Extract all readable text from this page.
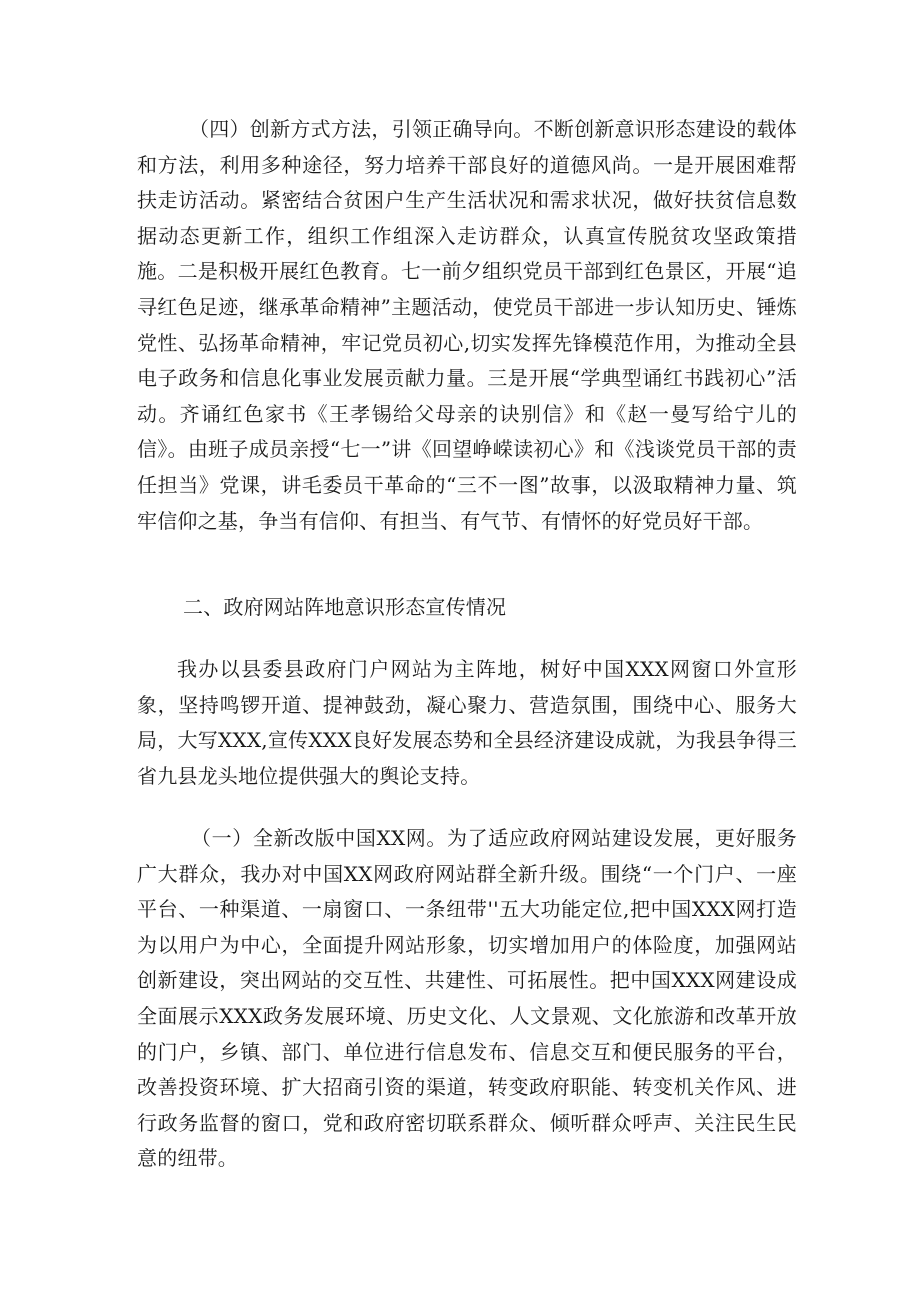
（四）创新方式方法，引领正确导向。不断创新意识形态建设的载体和方法，利用多种途径，努力培养干部良好的道德风尚。一是开展困难帮扶走访活动。紧密结合贫困户生产生活状况和需求状况，做好扶贫信息数据动态更新工作，组织工作组深入走访群众，认真宣传脱贫攻坚政策措施。二是积极开展红色教育。七一前夕组织党员干部到红色景区，开展“追寻红色足迹，继承革命精神”主题活动，使党员干部进一步认知历史、锤炼党性、弘扬革命精神，牢记党员初心,切实发挥先锋模范作用，为推动全县电子政务和信息化事业发展贡献力量。三是开展“学典型诵红书践初心”活动。齐诵红色家书《王孝锡给父母亲的诀别信》和《赵一曼写给宁儿的信》。由班子成员亲授“七一”讲《回望峥嵘读初心》和《浅谈党员干部的责任担当》党课，讲毛委员干革命的“三不一图”故事，以汲取精神力量、筑牢信仰之基，争当有信仰、有担当、有气节、有情怀的好党员好干部。

二、政府网站阵地意识形态宣传情况

我办以县委县政府门户网站为主阵地，树好中国XXX网窗口外宣形象，坚持鸣锣开道、提神鼓劲，凝心聚力、营造氛围，围绕中心、服务大局，大写XXX,宣传XXX良好发展态势和全县经济建设成就，为我县争得三省九县龙头地位提供强大的舆论支持。

（一）全新改版中国XX网。为了适应政府网站建设发展，更好服务广大群众，我办对中国XX网政府网站群全新升级。围绕“一个门户、一座平台、一种渠道、一扇窗口、一条纽带''五大功能定位,把中国XXX网打造为以用户为中心，全面提升网站形象，切实增加用户的体险度，加强网站创新建设，突出网站的交互性、共建性、可拓展性。把中国XXX网建设成全面展示XXX政务发展环境、历史文化、人文景观、文化旅游和改革开放的门户，乡镇、部门、单位进行信息发布、信息交互和便民服务的平台，改善投资环境、扩大招商引资的渠道，转变政府职能、转变机关作风、进行政务监督的窗口，党和政府密切联系群众、倾听群众呼声、关注民生民意的纽带。
